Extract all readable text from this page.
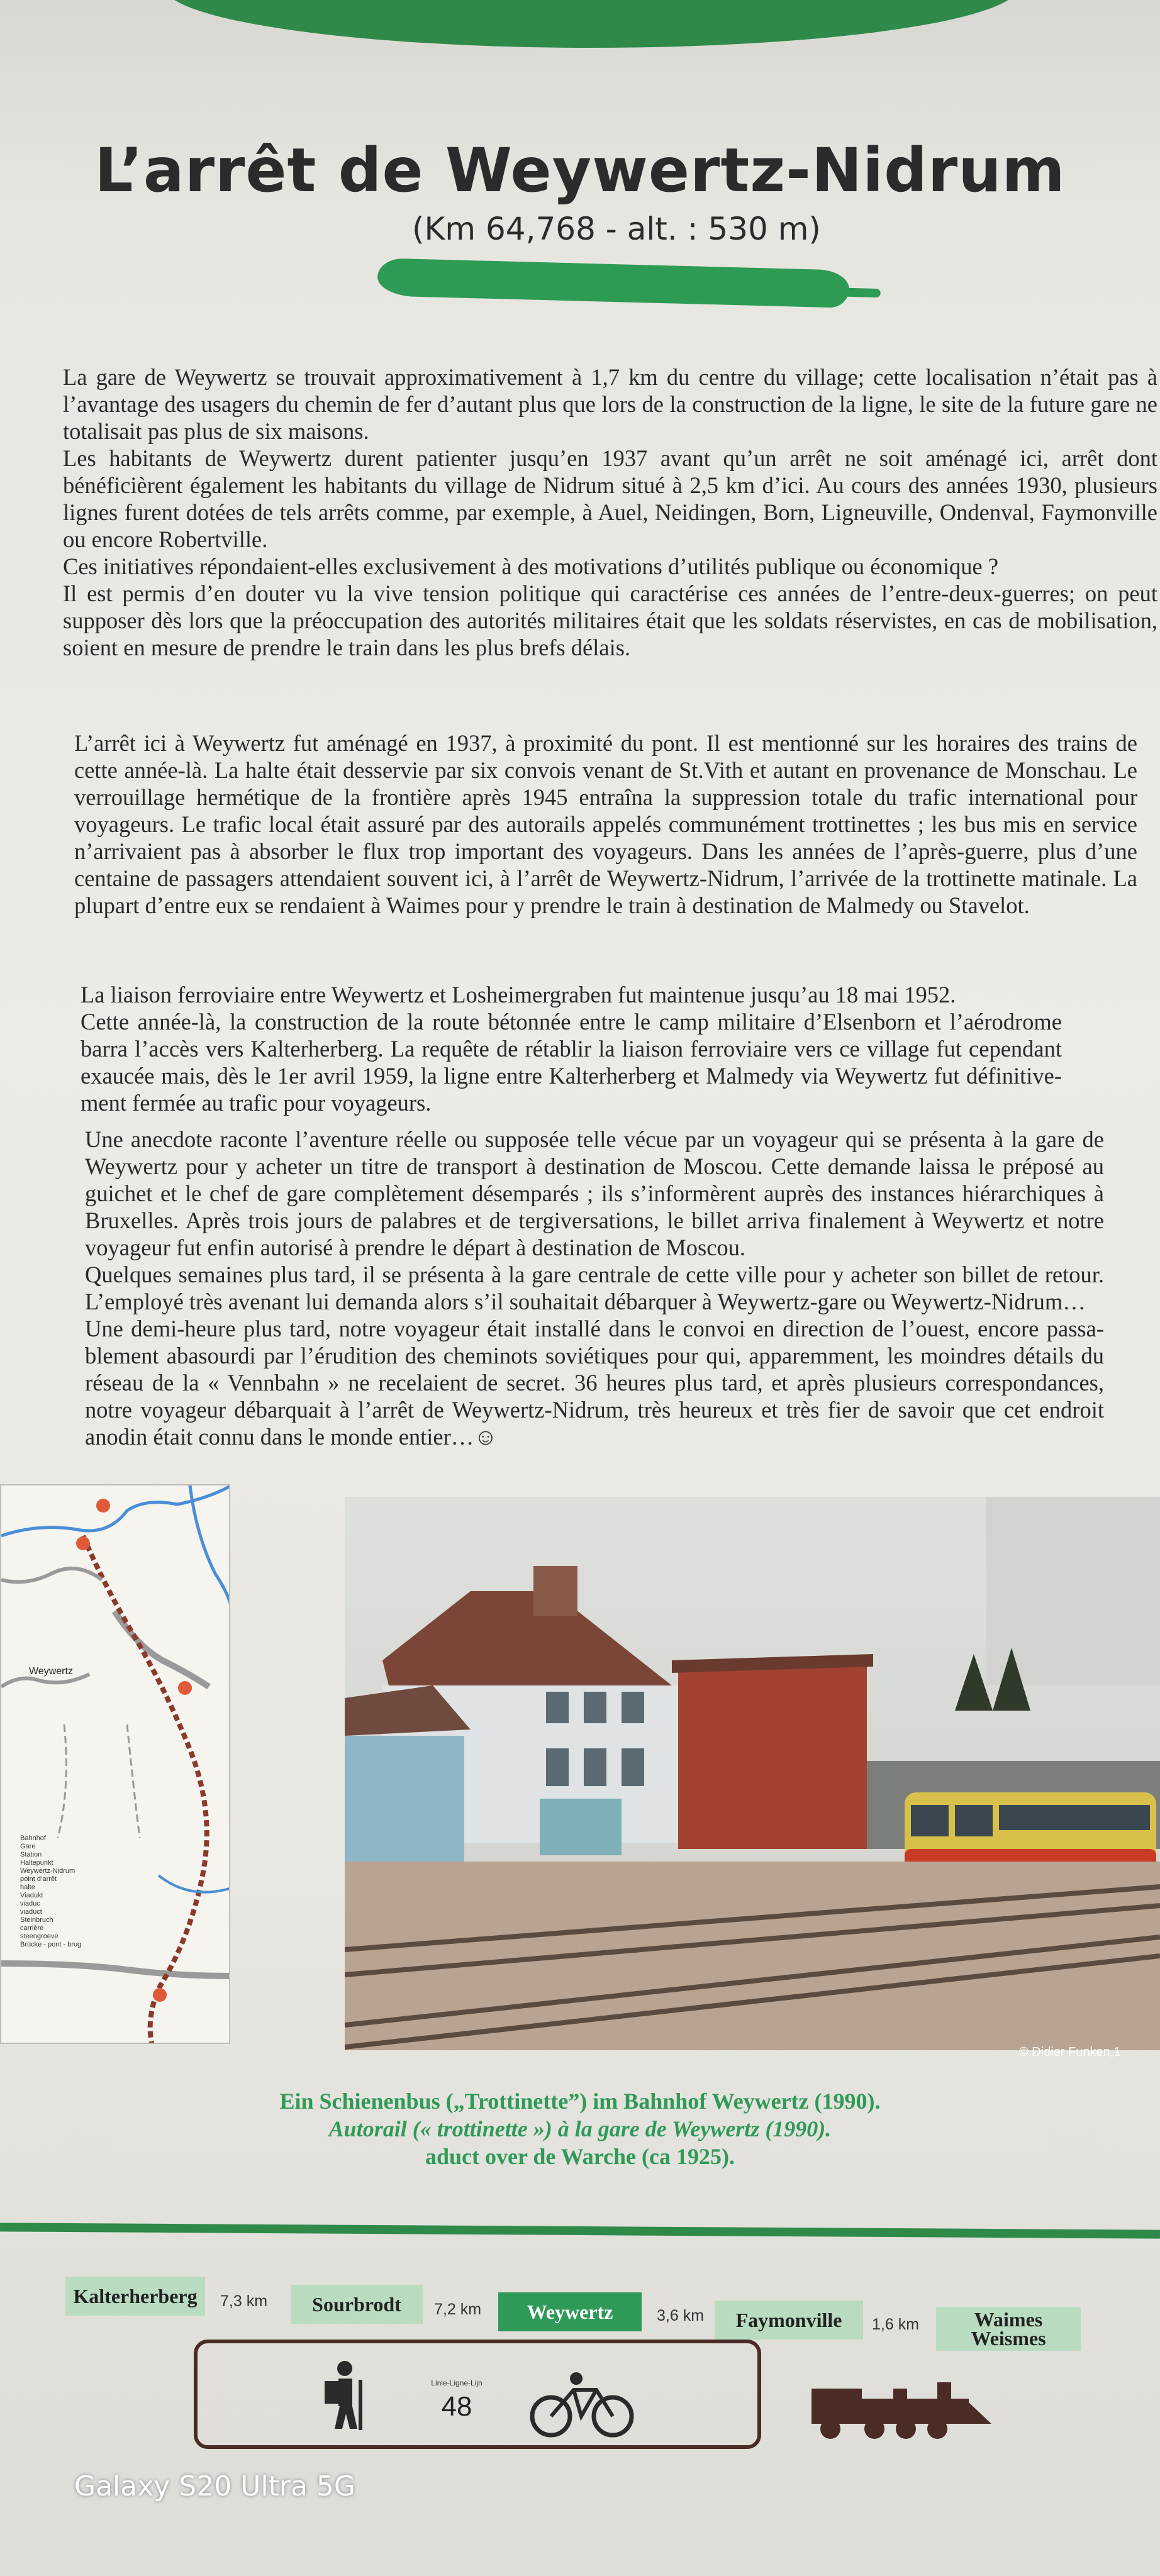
L’arrêt de Weywertz-Nidrum
(Km 64,768 - alt. : 530 m)

La gare de Weywertz se trouvait approximativement à 1,7 km du centre du village; cette localisation n’était pas à l’avantage des usagers du chemin de fer d’autant plus que lors de la construction de la ligne, le site de la future gare ne totalisait pas plus de six maisons.

Les habitants de Weywertz durent patienter jusqu’en 1937 avant qu’un arrêt ne soit aménagé ici, arrêt dont bénéficièrent également les habitants du village de Nidrum situé à 2,5 km d’ici. Au cours des années 1930, plusieurs lignes furent dotées de tels arrêts comme, par exemple, à Auel, Neidingen, Born, Ligneuville, Ondenval, Faymonville ou encore Robertville.

Ces initiatives répondaient-elles exclusivement à des motivations d’utilités publique ou économique ?

Il est permis d’en douter vu la vive tension politique qui caractérise ces années de l’entre-deux-guerres; on peut supposer dès lors que la préoccupation des autorités militaires était que les soldats réservistes, en cas de mobilisation, soient en mesure de prendre le train dans les plus brefs délais.

L’arrêt ici à Weywertz fut aménagé en 1937, à proximité du pont. Il est mentionné sur les horaires des trains de cette année-là. La halte était desservie par six convois venant de St.Vith et autant en provenance de Monschau. Le verrouillage hermétique de la frontière après 1945 entraîna la suppression totale du trafic international pour voyageurs. Le trafic local était assuré par des autorails appelés communément trottinettes ; les bus mis en service n’arrivaient pas à absorber le flux trop important des voyageurs. Dans les années de l’après-guerre, plus d’une centaine de passagers attendaient souvent ici, à l’arrêt de Weywertz-Nidrum, l’arrivée de la trottinette matinale. La plupart d’entre eux se rendaient à Waimes pour y prendre le train à destination de Malmedy ou Stavelot.

La liaison ferroviaire entre Weywertz et Losheimergraben fut maintenue jusqu’au 18 mai 1952.

Cette année-là, la construction de la route bétonnée entre le camp militaire d’Elsenborn et l’aérodrome barra l’accès vers Kalterherberg. La requête de rétablir la liaison ferroviaire vers ce village fut cependant exaucée mais, dès le 1er avril 1959, la ligne entre Kalterherberg et Malmedy via Weywertz fut définitive-ment fermée au trafic pour voyageurs.

Une anecdote raconte l’aventure réelle ou supposée telle vécue par un voyageur qui se présenta à la gare de Weywertz pour y acheter un titre de transport à destination de Moscou. Cette demande laissa le préposé au guichet et le chef de gare complètement désemparés ; ils s’informèrent auprès des instances hiérarchiques à Bruxelles. Après trois jours de palabres et de tergiversations, le billet arriva finalement à Weywertz et notre voyageur fut enfin autorisé à prendre le départ à destination de Moscou.

Quelques semaines plus tard, il se présenta à la gare centrale de cette ville pour y acheter son billet de retour. L’employé très avenant lui demanda alors s’il souhaitait débarquer à Weywertz-gare ou Weywertz-Nidrum…

Une demi-heure plus tard, notre voyageur était installé dans le convoi en direction de l’ouest, encore passa-blement abasourdi par l’érudition des cheminots soviétiques pour qui, apparemment, les moindres détails du réseau de la « Vennbahn » ne recelaient de secret. 36 heures plus tard, et après plusieurs correspondances, notre voyageur débarquait à l’arrêt de Weywertz-Nidrum, très heureux et très fier de savoir que cet endroit anodin était connu dans le monde entier…☺

Weywertz
Bahnhof
Gare
Station
Haltepunkt
Weywertz-Nidrum
point d’arrêt
halte
Viadukt
viaduc
viaduct
Steinbruch
carrière
steengroeve
Brücke - pont - brug
© Didier Funken,1
Ein Schienenbus („Trottinette”) im Bahnhof Weywertz (1990).
Autorail (« trottinette ») à la gare de Weywertz (1990).
aduct over de Warche (ca 1925).
Kalterherberg	7,3 km	Sourbrodt	7,2 km	Weywertz	3,6 km	Faymonville	1,6 km	Waimes
Weismes
Linie-Ligne-Lijn
48
Galaxy S20 Ultra 5G
